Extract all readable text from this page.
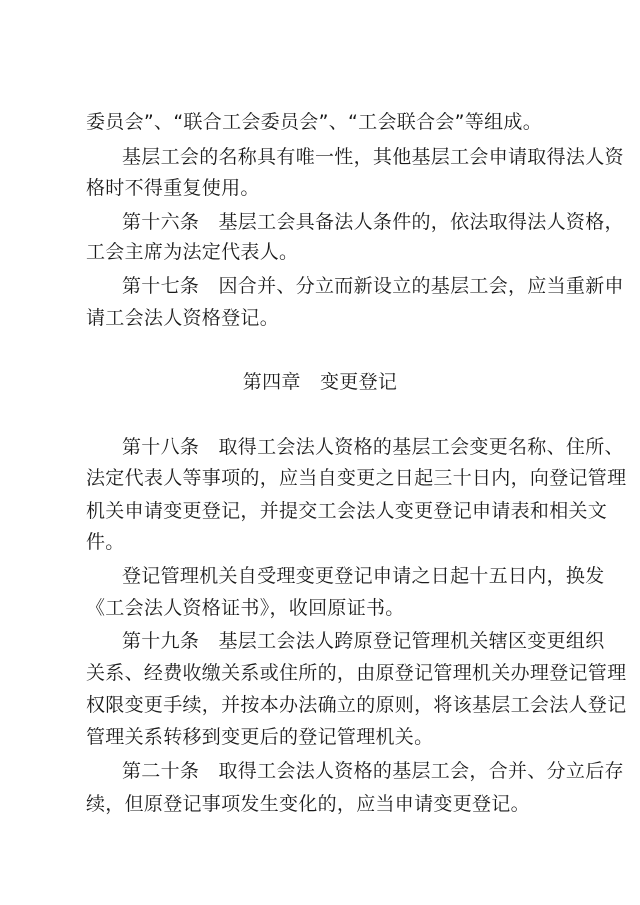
委员会”、“联合工会委员会”、“工会联合会”等组成。
基层工会的名称具有唯一性，其他基层工会申请取得法人资
格时不得重复使用。
第十六条　基层工会具备法人条件的，依法取得法人资格，
工会主席为法定代表人。
第十七条　因合并、分立而新设立的基层工会，应当重新申
请工会法人资格登记。
第四章　变更登记
第十八条　取得工会法人资格的基层工会变更名称、住所、
法定代表人等事项的，应当自变更之日起三十日内，向登记管理
机关申请变更登记，并提交工会法人变更登记申请表和相关文
件。
登记管理机关自受理变更登记申请之日起十五日内，换发
《工会法人资格证书》，收回原证书。
第十九条　基层工会法人跨原登记管理机关辖区变更组织
关系、经费收缴关系或住所的，由原登记管理机关办理登记管理
权限变更手续，并按本办法确立的原则，将该基层工会法人登记
管理关系转移到变更后的登记管理机关。
第二十条　取得工会法人资格的基层工会，合并、分立后存
续，但原登记事项发生变化的，应当申请变更登记。
